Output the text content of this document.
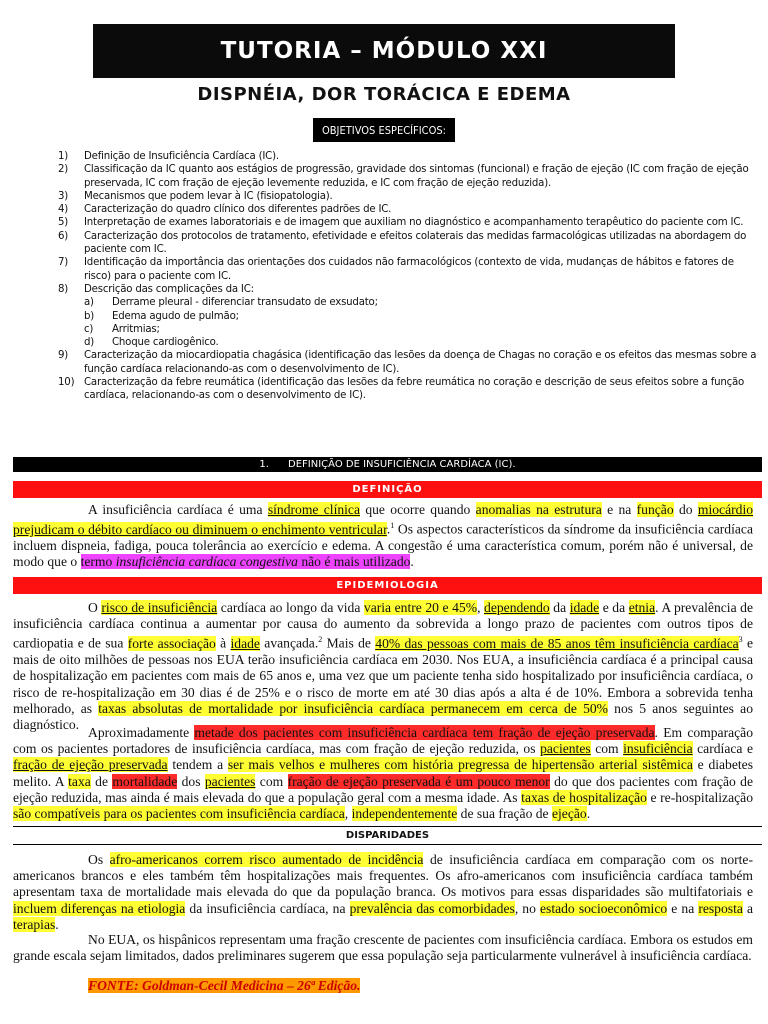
TUTORIA – MÓDULO XXI
DISPNÉIA, DOR TORÁCICA E EDEMA
OBJETIVOS ESPECÍFICOS:
1)	Definição de Insuficiência Cardíaca (IC).
2)	Classificação da IC quanto aos estágios de progressão, gravidade dos sintomas (funcional) e fração de ejeção (IC com fração de ejeção preservada, IC com fração de ejeção levemente reduzida, e IC com fração de ejeção reduzida).
3)	Mecanismos que podem levar à IC (fisiopatologia).
4)	Caracterização do quadro clínico dos diferentes padrões de IC.
5)	Interpretação de exames laboratoriais e de imagem que auxiliam no diagnóstico e acompanhamento terapêutico do paciente com IC.
6)	Caracterização dos protocolos de tratamento, efetividade e efeitos colaterais das medidas farmacológicas utilizadas na abordagem do paciente com IC.
7)	Identificação da importância das orientações dos cuidados não farmacológicos (contexto de vida, mudanças de hábitos e fatores de risco) para o paciente com IC.
8)	Descrição das complicações da IC:
a)	Derrame pleural - diferenciar transudato de exsudato;
b)	Edema agudo de pulmão;
c)	Arritmias;
d)	Choque cardiogênico.
9)	Caracterização da miocardiopatia chagásica (identificação das lesões da doença de Chagas no coração e os efeitos das mesmas sobre a função cardíaca relacionando-as com o desenvolvimento de IC).
10) Caracterização da febre reumática (identificação das lesões da febre reumática no coração e descrição de seus efeitos sobre a função cardíaca, relacionando-as com o desenvolvimento de IC).
1.      DEFINIÇÃO DE INSUFICIÊNCIA CARDÍACA (IC).
DEFINIÇÃO
A insuficiência cardíaca é uma síndrome clínica que ocorre quando anomalias na estrutura e na função do miocárdio prejudicam o débito cardíaco ou diminuem o enchimento ventricular.$^1$ Os aspectos característicos da síndrome da insuficiência cardíaca incluem dispneia, fadiga, pouca tolerância ao exercício e edema. A congestão é uma característica comum, porém não é universal, de modo que o termo insuficiência cardíaca congestiva não é mais utilizado.
EPIDEMIOLOGIA
O risco de insuficiência cardíaca ao longo da vida varia entre 20 e 45%, dependendo da idade e da etnia. A prevalência de insuficiência cardíaca continua a aumentar por causa do aumento da sobrevida a longo prazo de pacientes com outros tipos de cardiopatia e de sua forte associação à idade avançada.$^2$ Mais de 40% das pessoas com mais de 85 anos têm insuficiência cardíaca$^3$ e mais de oito milhões de pessoas nos EUA terão insuficiência cardíaca em 2030. Nos EUA, a insuficiência cardíaca é a principal causa de hospitalização em pacientes com mais de 65 anos e, uma vez que um paciente tenha sido hospitalizado por insuficiência cardíaca, o risco de re-hospitalização em 30 dias é de 25% e o risco de morte em até 30 dias após a alta é de 10%. Embora a sobrevida tenha melhorado, as taxas absolutas de mortalidade por insuficiência cardíaca permanecem em cerca de 50% nos 5 anos seguintes ao diagnóstico.
Aproximadamente metade dos pacientes com insuficiência cardíaca tem fração de ejeção preservada. Em comparação com os pacientes portadores de insuficiência cardíaca, mas com fração de ejeção reduzida, os pacientes com insuficiência cardíaca e fração de ejeção preservada tendem a ser mais velhos e mulheres com história pregressa de hipertensão arterial sistêmica e diabetes melito. A taxa de mortalidade dos pacientes com fração de ejeção preservada é um pouco menor do que dos pacientes com fração de ejeção reduzida, mas ainda é mais elevada do que a população geral com a mesma idade. As taxas de hospitalização e re-hospitalização são compatíveis para os pacientes com insuficiência cardíaca, independentemente de sua fração de ejeção.
DISPARIDADES
Os afro-americanos correm risco aumentado de incidência de insuficiência cardíaca em comparação com os norte-americanos brancos e eles também têm hospitalizações mais frequentes. Os afro-americanos com insuficiência cardíaca também apresentam taxa de mortalidade mais elevada do que da população branca. Os motivos para essas disparidades são multifatoriais e incluem diferenças na etiologia da insuficiência cardíaca, na prevalência das comorbidades, no estado socioeconômico e na resposta a terapias.
No EUA, os hispânicos representam uma fração crescente de pacientes com insuficiência cardíaca. Embora os estudos em grande escala sejam limitados, dados preliminares sugerem que essa população seja particularmente vulnerável à insuficiência cardíaca.
FONTE: Goldman-Cecil Medicina – 26ª Edição.
